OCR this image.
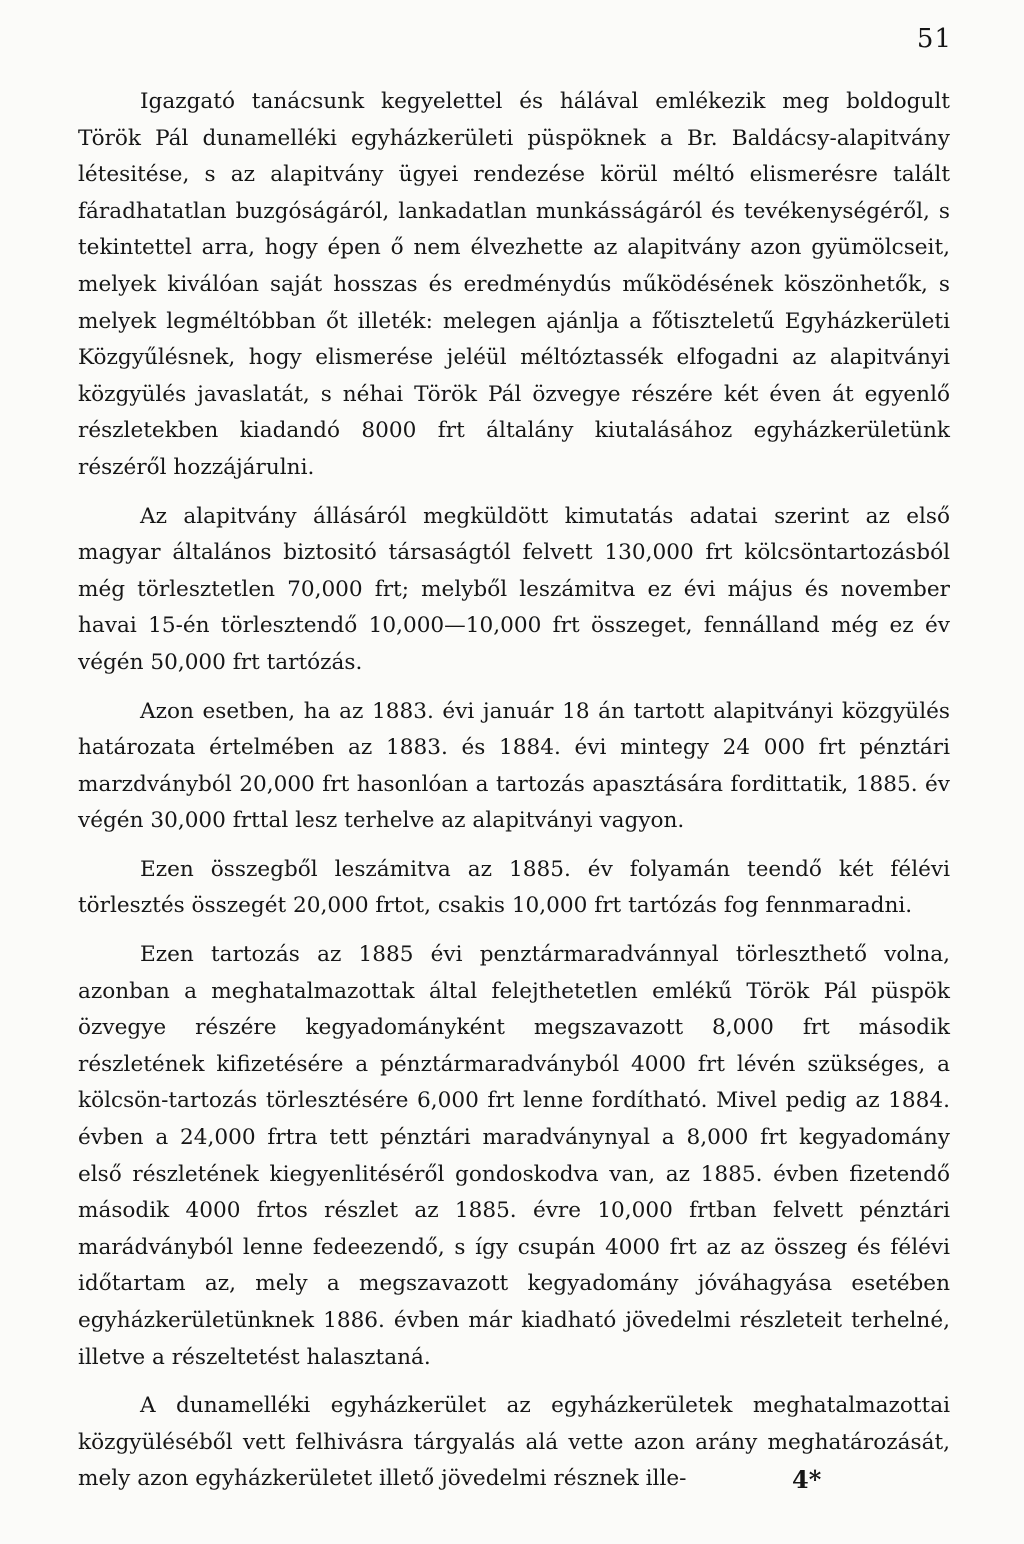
51

Igazgató tanácsunk kegyelettel és hálával emlékezik meg boldogult Török Pál dunamelléki egyházkerületi püspöknek a Br. Baldácsy-alapitvány létesitése, s az alapitvány ügyei rendezése körül méltó elismerésre talált fáradhatatlan buzgóságáról, lankadatlan munkásságáról és tevékenységéről, s tekintettel arra, hogy épen ő nem élvezhette az alapitvány azon gyümölcseit, melyek kiválóan saját hosszas és eredménydús működésének köszönhetők, s melyek legméltóbban őt illeték: melegen ajánlja a főtiszteletű Egyházkerületi Közgyűlésnek, hogy elismerése jeléül méltóztassék elfogadni az alapitványi közgyülés javaslatát, s néhai Török Pál özvegye részére két éven át egyenlő részletekben kiadandó 8000 frt általány kiutalásához egyházkerületünk részéről hozzájárulni.

Az alapitvány állásáról megküldött kimutatás adatai szerint az első magyar általános biztositó társaságtól felvett 130,000 frt kölcsöntartozásból még törlesztetlen 70,000 frt; melyből leszámitva ez évi május és november havai 15-én törlesztendő 10,000—10,000 frt összeget, fennálland még ez év végén 50,000 frt tartózás.

Azon esetben, ha az 1883. évi január 18 án tartott alapitványi közgyülés határozata értelmében az 1883. és 1884. évi mintegy 24 000 frt pénztári marzdványból 20,000 frt hasonlóan a tartozás apasztására fordittatik, 1885. év végén 30,000 frttal lesz terhelve az alapitványi vagyon.

Ezen összegből leszámitva az 1885. év folyamán teendő két félévi törlesztés összegét 20,000 frtot, csakis 10,000 frt tartózás fog fennmaradni.

Ezen tartozás az 1885 évi penztármaradvánnyal törleszthető volna, azonban a meghatalmazottak által felejthetetlen emlékű Török Pál püspök özvegye részére kegyadományként megszavazott 8,000 frt második részletének kifizetésére a pénztármaradványból 4000 frt lévén szükséges, a kölcsön-tartozás törlesztésére 6,000 frt lenne fordítható. Mivel pedig az 1884. évben a 24,000 frtra tett pénztári maradványnyal a 8,000 frt kegyadomány első részletének kiegyenlitéséről gondoskodva van, az 1885. évben fizetendő második 4000 frtos részlet az 1885. évre 10,000 frtban felvett pénztári marádványból lenne fedeezendő, s így csupán 4000 frt az az összeg és félévi időtartam az, mely a megszavazott kegyadomány jóváhagyása esetében egyházkerületünknek 1886. évben már kiadható jövedelmi részleteit terhelné, illetve a részeltetést halasztaná.

A dunamelléki egyházkerület az egyházkerületek meghatalmazottai közgyüléséből vett felhivásra tárgyalás alá vette azon arány meghatározását, mely azon egyházkerületet illető jövedelmi résznek ille-	4*
